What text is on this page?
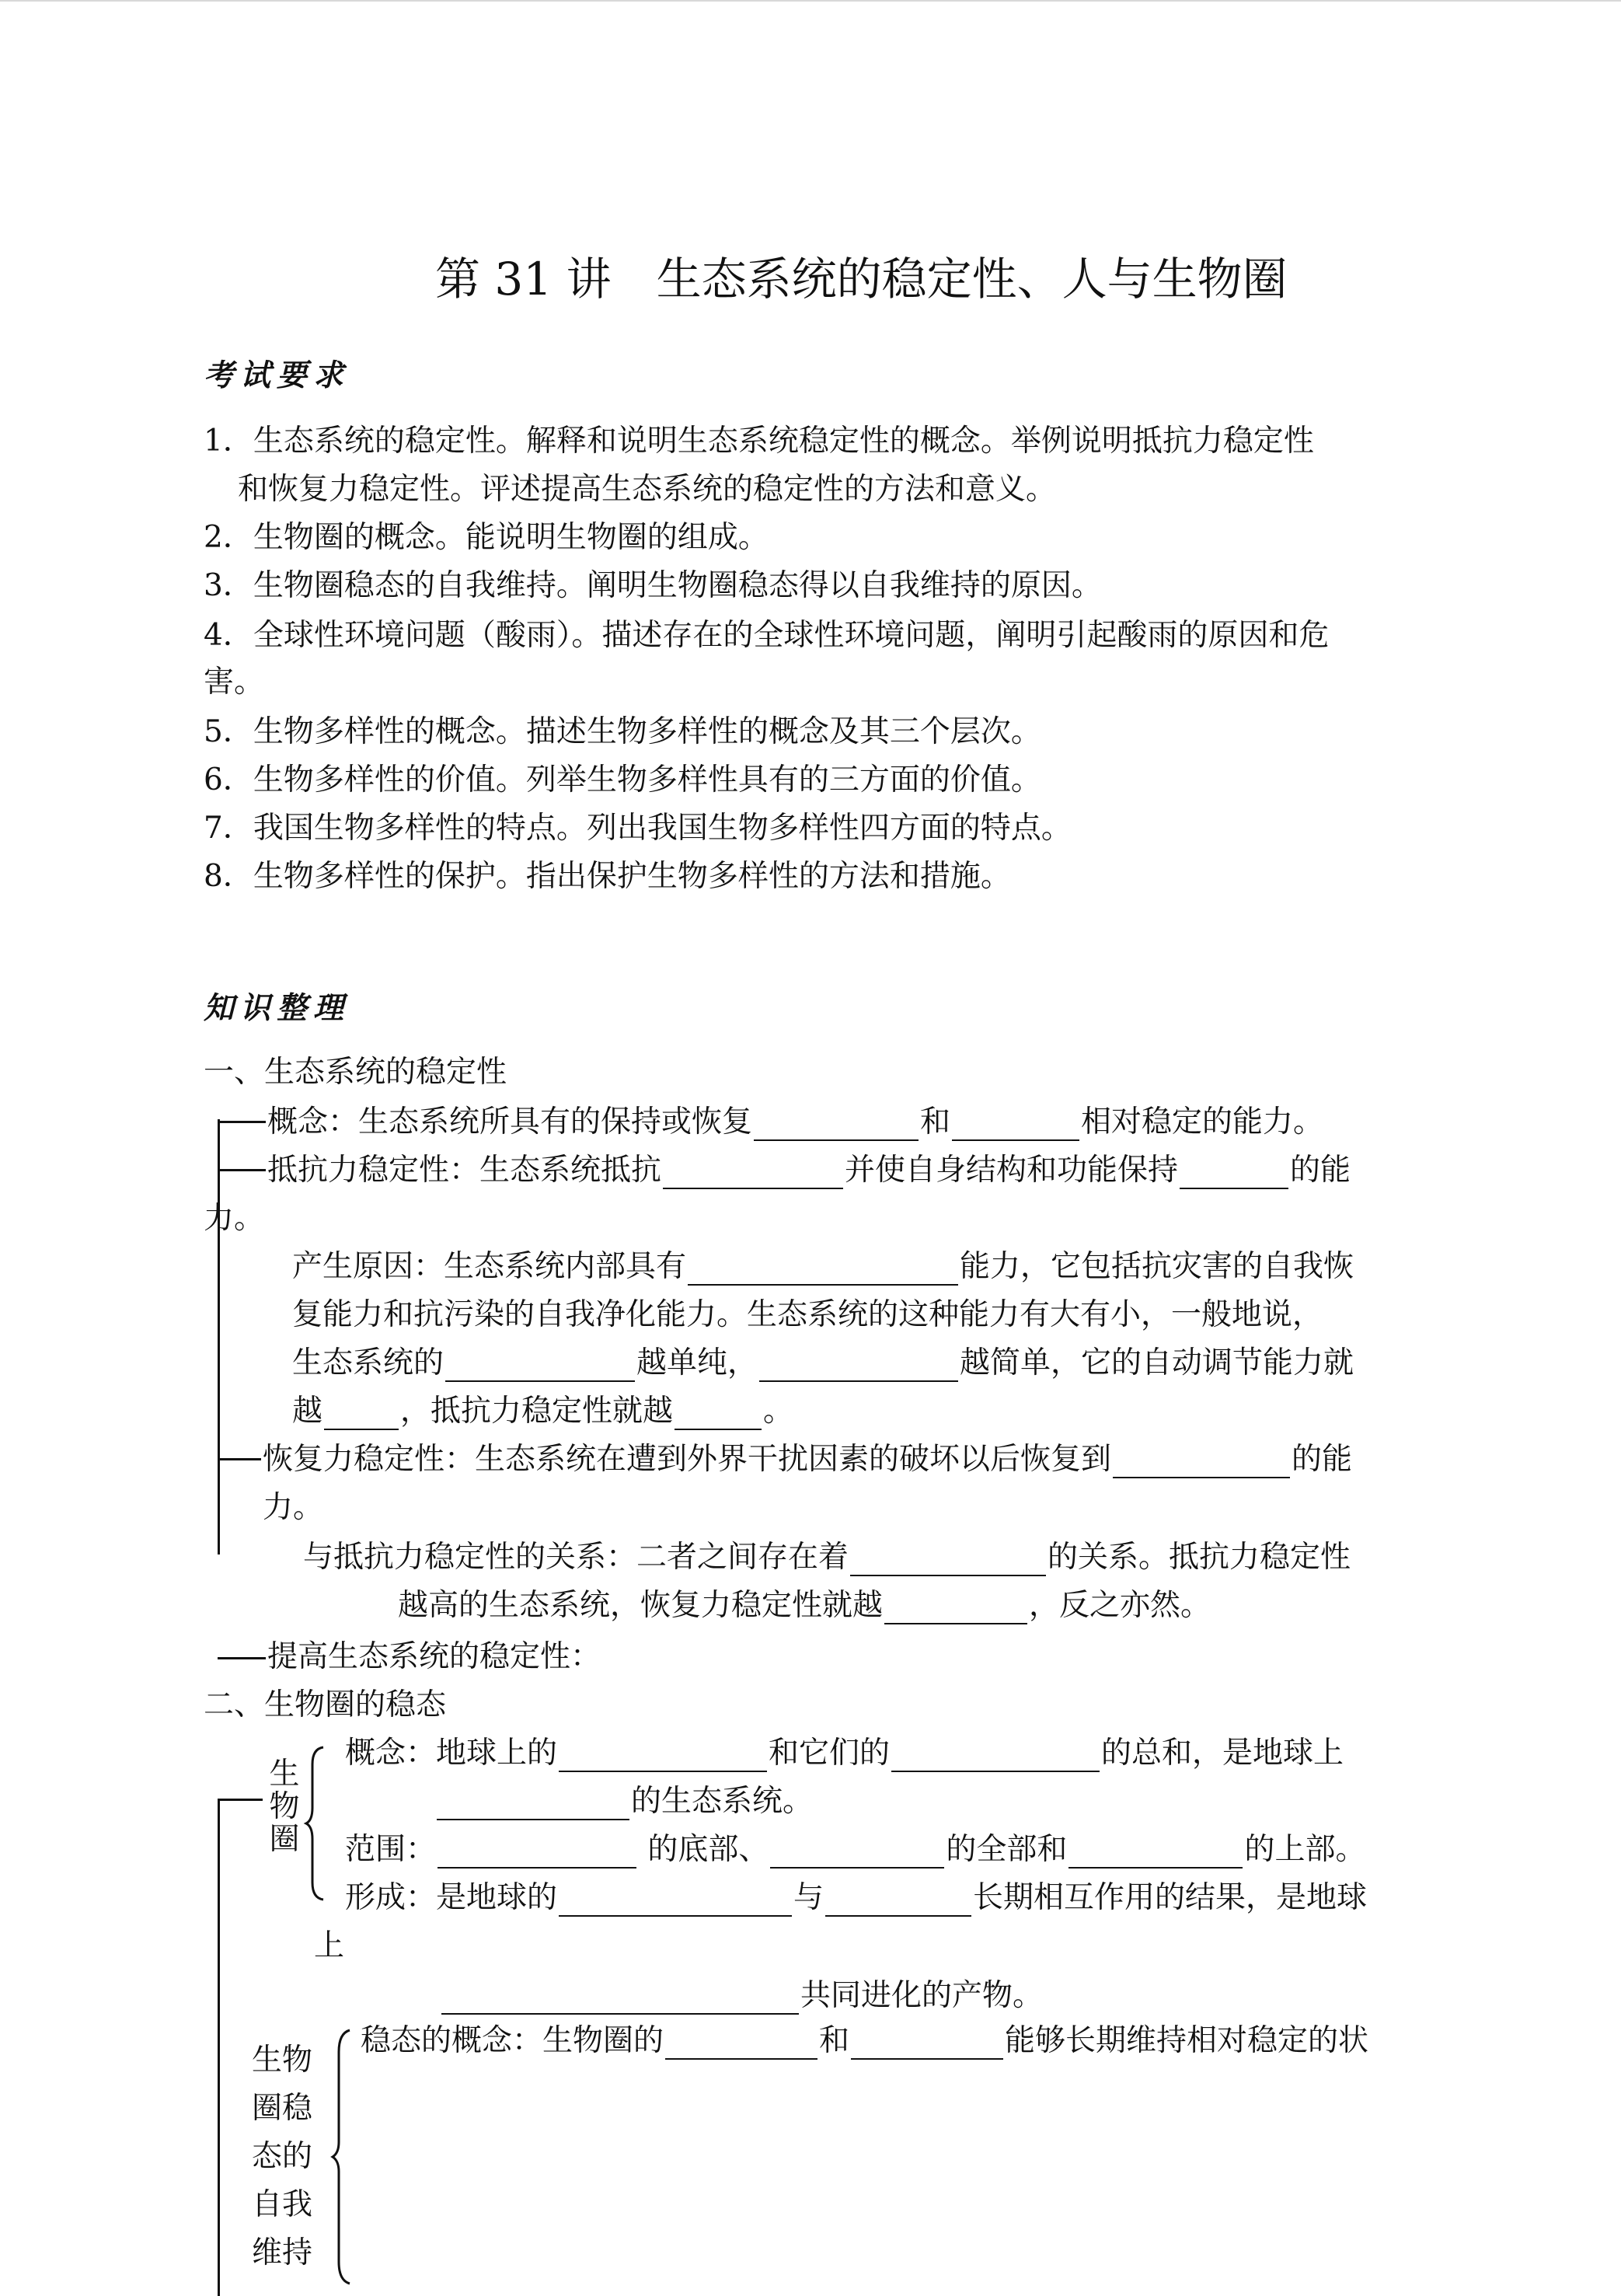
第 31 讲　生态系统的稳定性、人与生物圈
考试要求
1．生态系统的稳定性。解释和说明生态系统稳定性的概念。举例说明抵抗力稳定性
和恢复力稳定性。评述提高生态系统的稳定性的方法和意义。
2．生物圈的概念。能说明生物圈的组成。
3．生物圈稳态的自我维持。阐明生物圈稳态得以自我维持的原因。
4．全球性环境问题（酸雨）。描述存在的全球性环境问题，阐明引起酸雨的原因和危
害。
5．生物多样性的概念。描述生物多样性的概念及其三个层次。
6．生物多样性的价值。列举生物多样性具有的三方面的价值。
7．我国生物多样性的特点。列出我国生物多样性四方面的特点。
8．生物多样性的保护。指出保护生物多样性的方法和措施。
知识整理
一、生态系统的稳定性
概念：生态系统所具有的保持或恢复	和	相对稳定的能力。
抵抗力稳定性：生态系统抵抗	并使自身结构和功能保持	的能
力。
产生原因：生态系统内部具有	能力，它包括抗灾害的自我恢
复能力和抗污染的自我净化能力。生态系统的这种能力有大有小，一般地说，
生态系统的	越单纯，	越简单，它的自动调节能力就
越	，抵抗力稳定性就越	。
恢复力稳定性：生态系统在遭到外界干扰因素的破坏以后恢复到	的能
力。
与抵抗力稳定性的关系：二者之间存在着	的关系。抵抗力稳定性
越高的生态系统，恢复力稳定性就越	，反之亦然。
提高生态系统的稳定性：
二、生物圈的稳态
生
物
圈
概念：地球上的	和它们的	的总和，是地球上
的生态系统。
范围：	的底部、	的全部和	的上部。
形成：是地球的	与	长期相互作用的结果，是地球
上
共同进化的产物。
生物
圈稳
态的
自我
维持
稳态的概念：生物圈的	和	能够长期维持相对稳定的状
